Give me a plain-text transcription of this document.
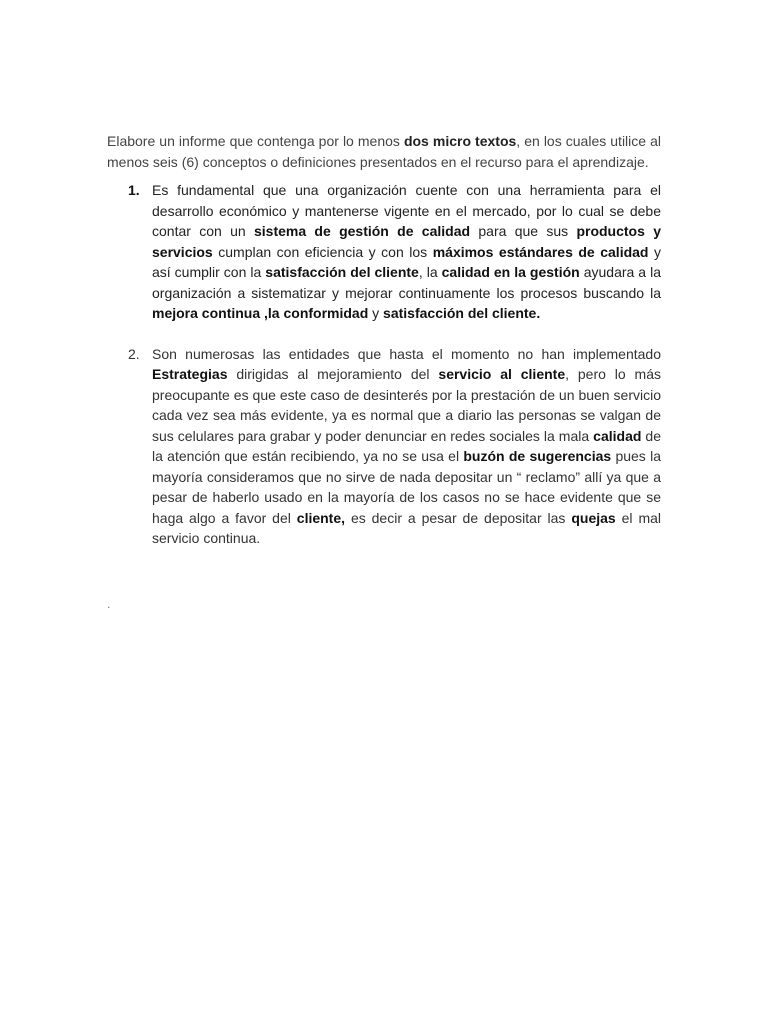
Elabore un informe que contenga por lo menos dos micro textos, en los cuales utilice al menos seis (6) conceptos o definiciones presentados en el recurso para el aprendizaje.

1. Es fundamental que una organización cuente con una herramienta para el desarrollo económico y mantenerse vigente en el mercado, por lo cual se debe contar con un sistema de gestión de calidad para que sus productos y servicios cumplan con eficiencia y con los máximos estándares de calidad y así cumplir con la satisfacción del cliente, la calidad en la gestión ayudara a la organización a sistematizar y mejorar continuamente los procesos buscando la mejora continua ,la conformidad y satisfacción del cliente.
2. Son numerosas las entidades que hasta el momento no han implementado Estrategias dirigidas al mejoramiento del servicio al cliente, pero lo más preocupante es que este caso de desinterés por la prestación de un buen servicio cada vez sea más evidente, ya es normal que a diario las personas se valgan de sus celulares para grabar y poder denunciar en redes sociales la mala calidad de la atención que están recibiendo, ya no se usa el buzón de sugerencias pues la mayoría consideramos que no sirve de nada depositar un “ reclamo” allí ya que a pesar de haberlo usado en la mayoría de los casos no se hace evidente que se haga algo a favor del cliente, es decir a pesar de depositar las quejas el mal servicio continua.
.
